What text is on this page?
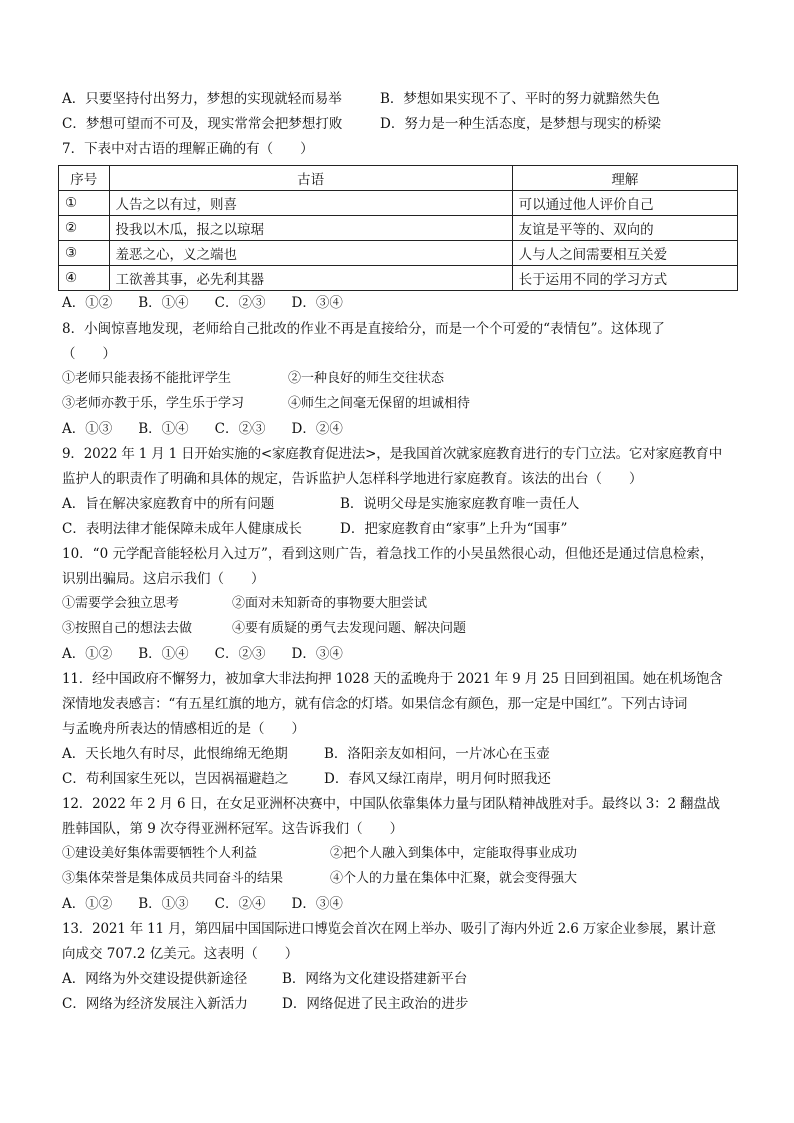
A．只要坚持付出努力，梦想的实现就轻而易举	B．梦想如果实现不了、平时的努力就黯然失色
C．梦想可望而不可及，现实常常会把梦想打败	D．努力是一种生活态度，是梦想与现实的桥梁
7．下表中对古语的理解正确的有（　　）
序号	古语	理解
①	人告之以有过，则喜	可以通过他人评价自己
②	投我以木瓜，报之以琼琚	友谊是平等的、双向的
③	羞恶之心，义之端也	人与人之间需要相互关爱
④	工欲善其事，必先利其器	长于运用不同的学习方式
A．①② B．①④ C．②③ D．③④
8．小闽惊喜地发现，老师给自己批改的作业不再是直接给分，而是一个个可爱的“表情包”。这体现了
（　　）
①老师只能表扬不能批评学生	②一种良好的师生交往状态
③老师亦教于乐，学生乐于学习	④师生之间毫无保留的坦诚相待
A．①③ B．①④ C．②③ D．②④
9．2022 年 1 月 1 日开始实施的<家庭教育促进法>，是我国首次就家庭教育进行的专门立法。它对家庭教育中
监护人的职责作了明确和具体的规定，告诉监护人怎样科学地进行家庭教育。该法的出台（　　）
A．旨在解决家庭教育中的所有问题	B．说明父母是实施家庭教育唯一责任人
C．表明法律才能保障未成年人健康成长	D．把家庭教育由“家事”上升为“国事”
10．“0 元学配音能轻松月入过万”，看到这则广告，着急找工作的小吴虽然很心动，但他还是通过信息检索，
识别出骗局。这启示我们（　　）
①需要学会独立思考	②面对未知新奇的事物要大胆尝试
③按照自己的想法去做	④要有质疑的勇气去发现问题、解决问题
A．①② B．①④ C．②③ D．③④
11．经中国政府不懈努力，被加拿大非法拘押 1028 天的孟晚舟于 2021 年 9 月 25 日回到祖国。她在机场饱含
深情地发表感言：“有五星红旗的地方，就有信念的灯塔。如果信念有颜色，那一定是中国红”。下列古诗词
与孟晚舟所表达的情感相近的是（　　）
A．天长地久有时尽，此恨绵绵无绝期	B．洛阳亲友如相问，一片冰心在玉壶
C．苟利国家生死以，岂因祸福避趋之	D．春风又绿江南岸，明月何时照我还
12．2022 年 2 月 6 日，在女足亚洲杯决赛中，中国队依靠集体力量与团队精神战胜对手。最终以 3：2 翻盘战
胜韩国队，第 9 次夺得亚洲杯冠军。这告诉我们（　　）
①建设美好集体需要牺牲个人利益	②把个人融入到集体中，定能取得事业成功
③集体荣誉是集体成员共同奋斗的结果	④个人的力量在集体中汇聚，就会变得强大
A．①② B．①③ C．②④ D．③④
13．2021 年 11 月，第四届中国国际进口博览会首次在网上举办、吸引了海内外近 2.6 万家企业参展，累计意
向成交 707.2 亿美元。这表明（　　）
A．网络为外交建设提供新途径	B．网络为文化建设搭建新平台
C．网络为经济发展注入新活力	D．网络促进了民主政治的进步
